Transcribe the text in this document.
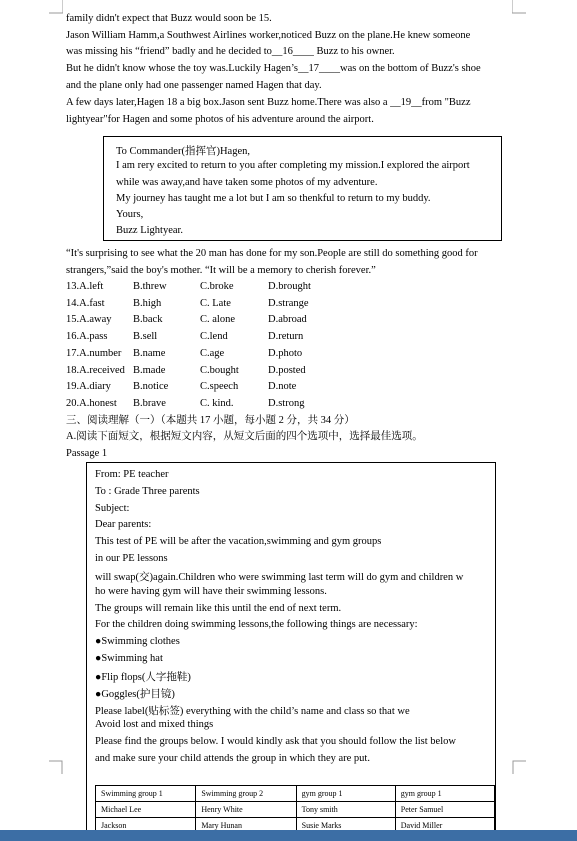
family didn't expect that Buzz would soon be 15.
Jason William Hamm,a Southwest Airlines worker,noticed Buzz on the plane.He knew someone
was missing his “friend” badly and he decided to__16____ Buzz to his owner.
But he didn't know whose the toy was.Luckily Hagen’s__17____was on the bottom of Buzz's shoe
and the plane only had one passenger named Hagen that day.
A few days later,Hagen 18 a big box.Jason sent Buzz home.There was also a __19__from "Buzz
lightyear"for Hagen and some photos of his adventure around the airport.
To Commander(指挥官)Hagen,
I am rery excited to return to you after completing my mission.I explored the airport
while was away,and have taken some photos of my adventure.
My journey has taught me a lot but I am so thenkful to return to my buddy.
Yours,
Buzz Lightyear.
“It's surprising to see what the 20 man has done for my son.People are still do something good for
strangers,”said the boy's mother. “It will be a memory to cherish forever.”
13.A.left	B.threw	C.broke	D.brought
14.A.fast	B.high	C. Late	D.strange
15.A.away B.back	C. alone	D.abroad
16.A.pass B.sell	C.lend	D.return
17.A.number B.name	C.age	D.photo
18.A.received B.made	C.bought	D.posted
19.A.diary B.notice	C.speech	D.note
20.A.honest B.brave	C. kind.	D.strong
三、阅读理解（一）（本题共 17 小题，每小题 2 分，共 34 分）
A.阅读下面短文，根据短文内容，从短文后面的四个选项中，选择最佳选项。
Passage 1
From: PE teacher
To : Grade Three parents
Subject:
Dear parents:
This test of PE will be after the vacation,swimming and gym groups
in our PE lessons
will swap(交)again.Children who were swimming last term will do gym and children w
ho were having gym will have their swimming lessons.
The groups will remain like this until the end of next term.
For the children doing swimming lessons,the following things are necessary:
●Swimming clothes
●Swimming hat
●Flip flops(人字拖鞋)
●Goggles(护目镜)
Please label(贴标签) everything with the child’s name and class so that we
Avoid lost and mixed things
Please find the groups below. I would kindly ask that you should follow the list below
and make sure your child attends the group in which they are put.
Swimming group 1	Swimming group 2	gym group 1	gym group 1
Michael Lee	Henry White	Tony smith	Peter Samuel
Jackson	Mary Hunan	Susie Marks	David Miller
